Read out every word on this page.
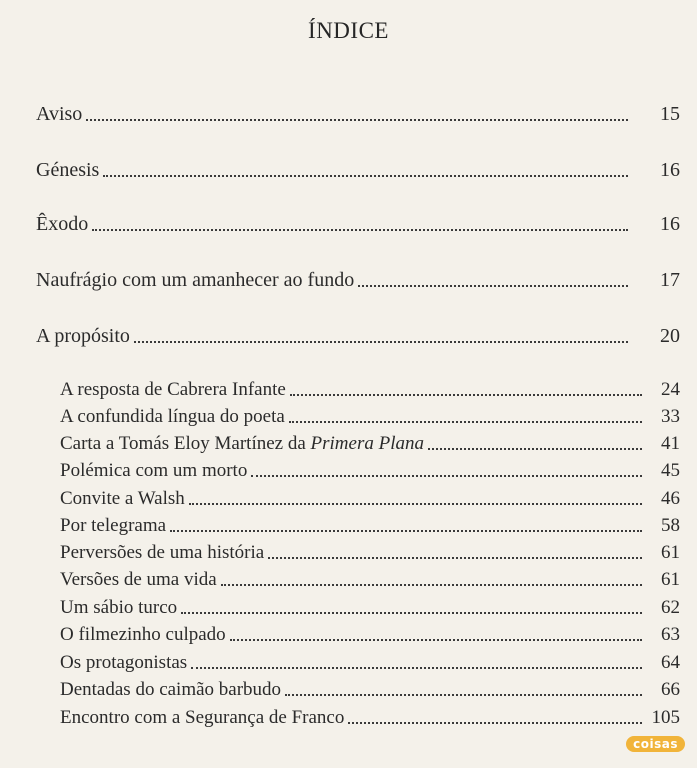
ÍNDICE
Aviso	15
Génesis	16
Êxodo	16
Naufrágio com um amanhecer ao fundo	17
A propósito	20
A resposta de Cabrera Infante	24
A confundida língua do poeta	33
Carta a Tomás Eloy Martínez da Primera Plana	41
Polémica com um morto	45
Convite a Walsh	46
Por telegrama	58
Perversões de uma história	61
Versões de uma vida	61
Um sábio turco	62
O filmezinho culpado	63
Os protagonistas	64
Dentadas do caimão barbudo	66
Encontro com a Segurança de Franco	105
coisas
